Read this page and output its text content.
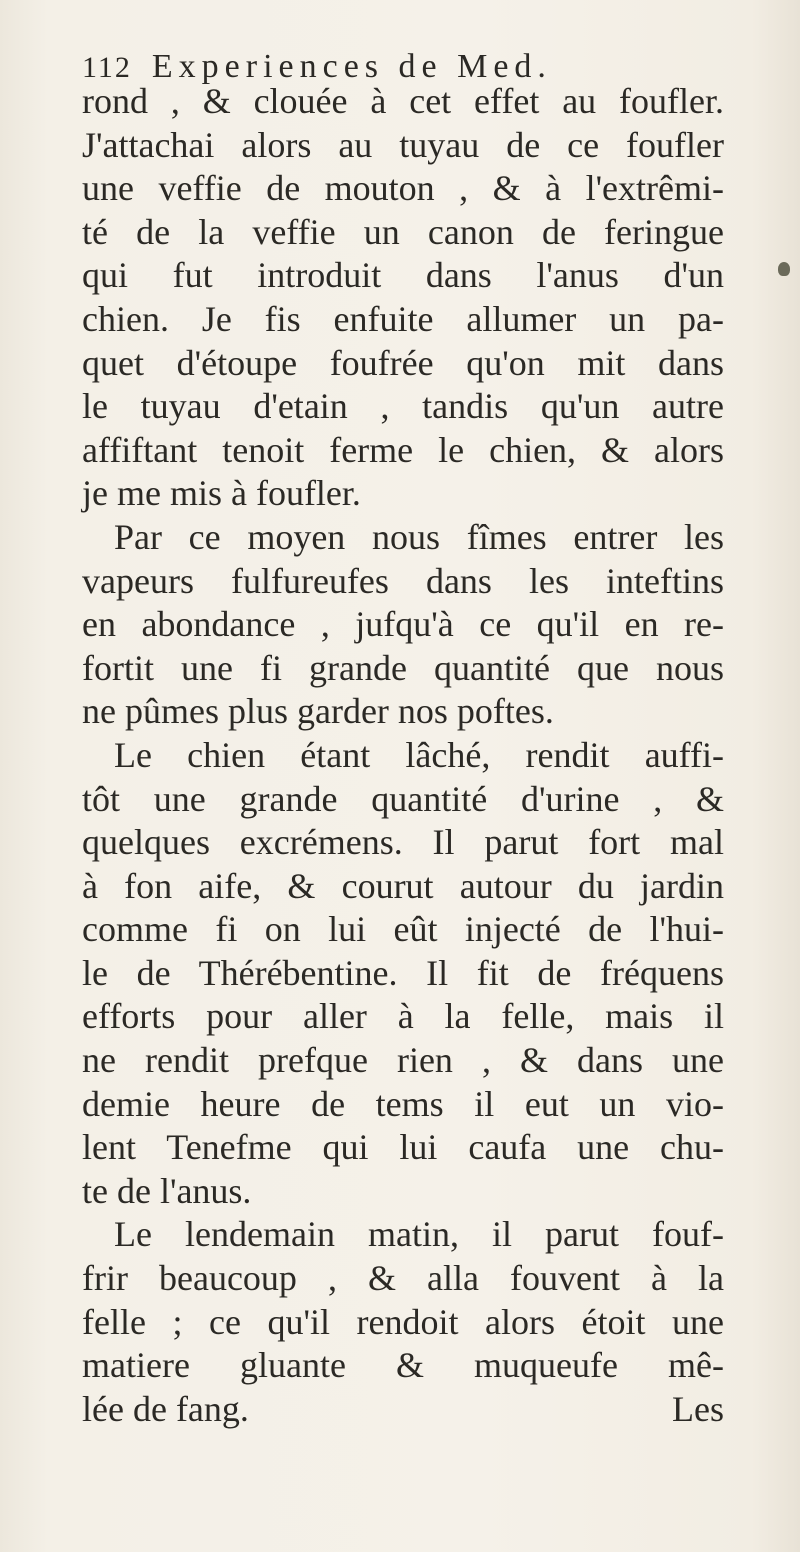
112 Experiences de Med.
rond , & clouée à cet effet au foufler.
J'attachai alors au tuyau de ce foufler
une veffie de mouton , & à l'extrêmi-
té de la veffie un canon de feringue
qui fut introduit dans l'anus d'un
chien. Je fis enfuite allumer un pa-
quet d'étoupe foufrée qu'on mit dans
le tuyau d'etain , tandis qu'un autre
affiftant tenoit ferme le chien, & alors
je me mis à foufler.
Par ce moyen nous fîmes entrer les
vapeurs fulfureufes dans les inteftins
en abondance , jufqu'à ce qu'il en re-
fortit une fi grande quantité que nous
ne pûmes plus garder nos poftes.
Le chien étant lâché, rendit auffi-
tôt une grande quantité d'urine , &
quelques excrémens. Il parut fort mal
à fon aife, & courut autour du jardin
comme fi on lui eût injecté de l'hui-
le de Thérébentine. Il fit de fréquens
efforts pour aller à la felle, mais il
ne rendit prefque rien , & dans une
demie heure de tems il eut un vio-
lent Tenefme qui lui caufa une chu-
te de l'anus.
Le lendemain matin, il parut fouf-
frir beaucoup , & alla fouvent à la
felle ; ce qu'il rendoit alors étoit une
matiere gluante & muqueufe mê-
lée de fang.	Les
